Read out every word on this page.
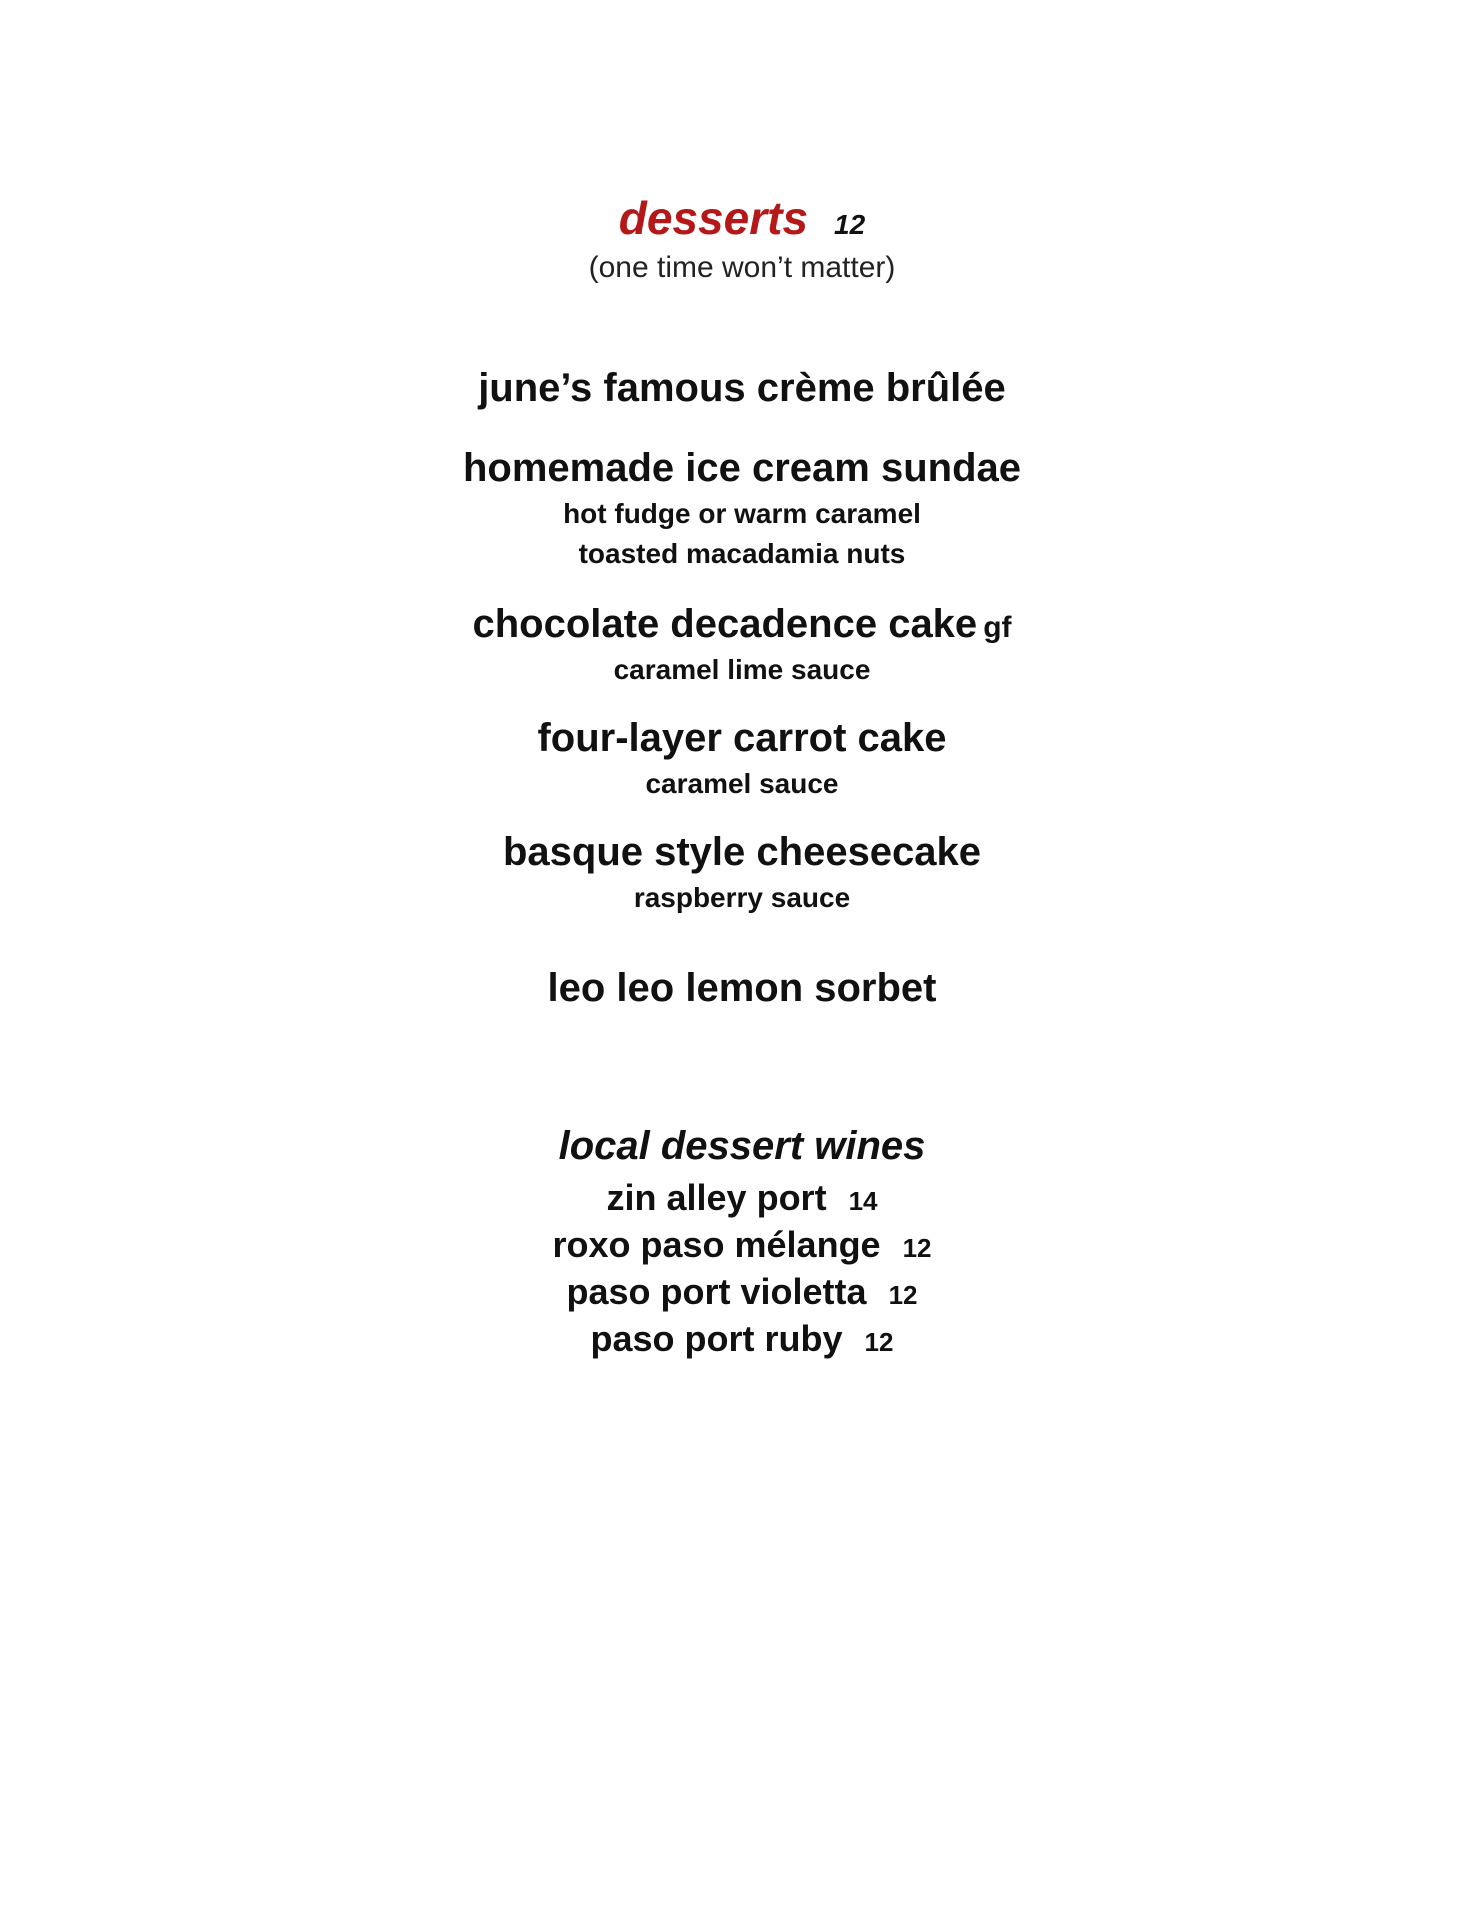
desserts 12
(one time won’t matter)
june’s famous crème brûlée
homemade ice cream sundae
hot fudge or warm caramel
toasted macadamia nuts
chocolate decadence cake gf
caramel lime sauce
four-layer carrot cake
caramel sauce
basque style cheesecake
raspberry sauce
leo leo lemon sorbet
local dessert wines
zin alley port 14
roxo paso mélange 12
paso port violetta 12
paso port ruby 12
